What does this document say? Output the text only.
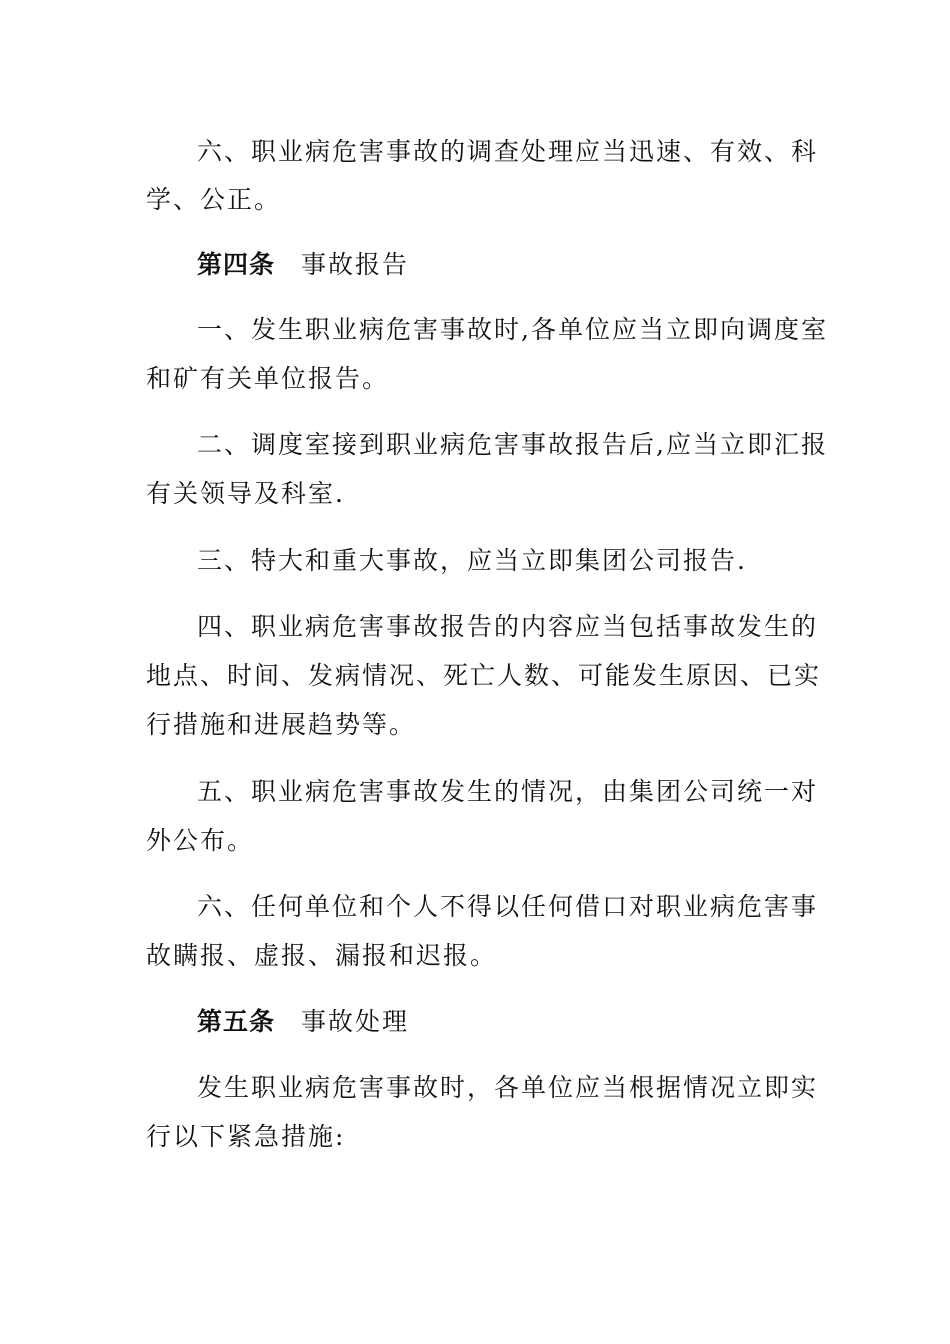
六、职业病危害事故的调查处理应当迅速、有效、科
学、公正。
第四条 事故报告
一、发生职业病危害事故时,各单位应当立即向调度室
和矿有关单位报告。
二、调度室接到职业病危害事故报告后,应当立即汇报
有关领导及科室.
三、特大和重大事故，应当立即集团公司报告.
四、职业病危害事故报告的内容应当包括事故发生的
地点、时间、发病情况、死亡人数、可能发生原因、已实
行措施和进展趋势等。
五、职业病危害事故发生的情况，由集团公司统一对
外公布。
六、任何单位和个人不得以任何借口对职业病危害事
故瞒报、虚报、漏报和迟报。
第五条 事故处理
发生职业病危害事故时，各单位应当根据情况立即实
行以下紧急措施:
